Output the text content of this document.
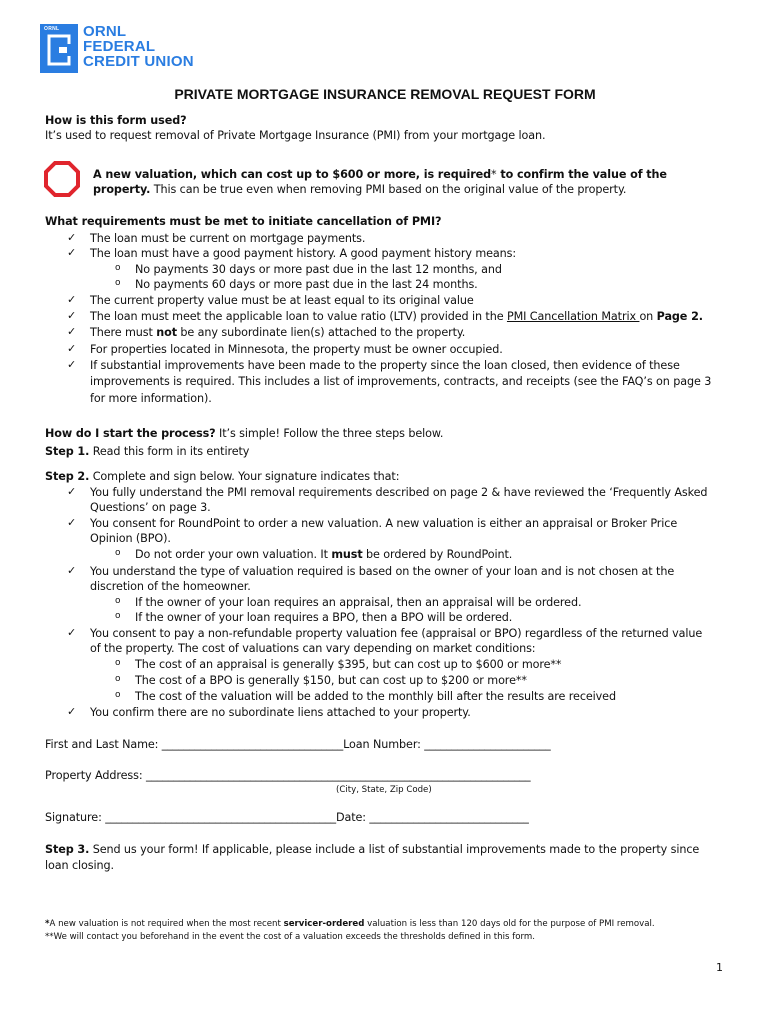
ORNL ORNL
FEDERAL
CREDIT UNION
PRIVATE MORTGAGE INSURANCE REMOVAL REQUEST FORM
How is this form used?
It’s used to request removal of Private Mortgage Insurance (PMI) from your mortgage loan.
A new valuation, which can cost up to $600 or more, is required* to confirm the value of the
property. This can be true even when removing PMI based on the original value of the property.
What requirements must be met to initiate cancellation of PMI?
✓ The loan must be current on mortgage payments.
✓ The loan must have a good payment history. A good payment history means:
o No payments 30 days or more past due in the last 12 months, and
o No payments 60 days or more past due in the last 24 months.
✓ The current property value must be at least equal to its original value
✓ The loan must meet the applicable loan to value ratio (LTV) provided in the PMI Cancellation Matrix on Page 2.
✓ There must not be any subordinate lien(s) attached to the property.
✓ For properties located in Minnesota, the property must be owner occupied.
✓ If substantial improvements have been made to the property since the loan closed, then evidence of these
improvements is required. This includes a list of improvements, contracts, and receipts (see the FAQ’s on page 3
for more information).
How do I start the process? It’s simple! Follow the three steps below.
Step 1. Read this form in its entirety
Step 2. Complete and sign below. Your signature indicates that:
✓ You fully understand the PMI removal requirements described on page 2 & have reviewed the ‘Frequently Asked
Questions’ on page 3.
✓ You consent for RoundPoint to order a new valuation. A new valuation is either an appraisal or Broker Price
Opinion (BPO).
o Do not order your own valuation. It must be ordered by RoundPoint.
✓ You understand the type of valuation required is based on the owner of your loan and is not chosen at the
discretion of the homeowner.
o If the owner of your loan requires an appraisal, then an appraisal will be ordered.
o If the owner of your loan requires a BPO, then a BPO will be ordered.
✓ You consent to pay a non-refundable property valuation fee (appraisal or BPO) regardless of the returned value
of the property. The cost of valuations can vary depending on market conditions:
o The cost of an appraisal is generally $395, but can cost up to $600 or more**
o The cost of a BPO is generally $150, but can cost up to $200 or more**
o The cost of the valuation will be added to the monthly bill after the results are received
✓ You confirm there are no subordinate liens attached to your property.
First and Last Name: _________________________________Loan Number: _______________________
Property Address: ______________________________________________________________________
(City, State, Zip Code)
Signature: __________________________________________Date: _____________________________
Step 3. Send us your form! If applicable, please include a list of substantial improvements made to the property since
loan closing.
*A new valuation is not required when the most recent servicer-ordered valuation is less than 120 days old for the purpose of PMI removal.
**We will contact you beforehand in the event the cost of a valuation exceeds the thresholds defined in this form.
1
